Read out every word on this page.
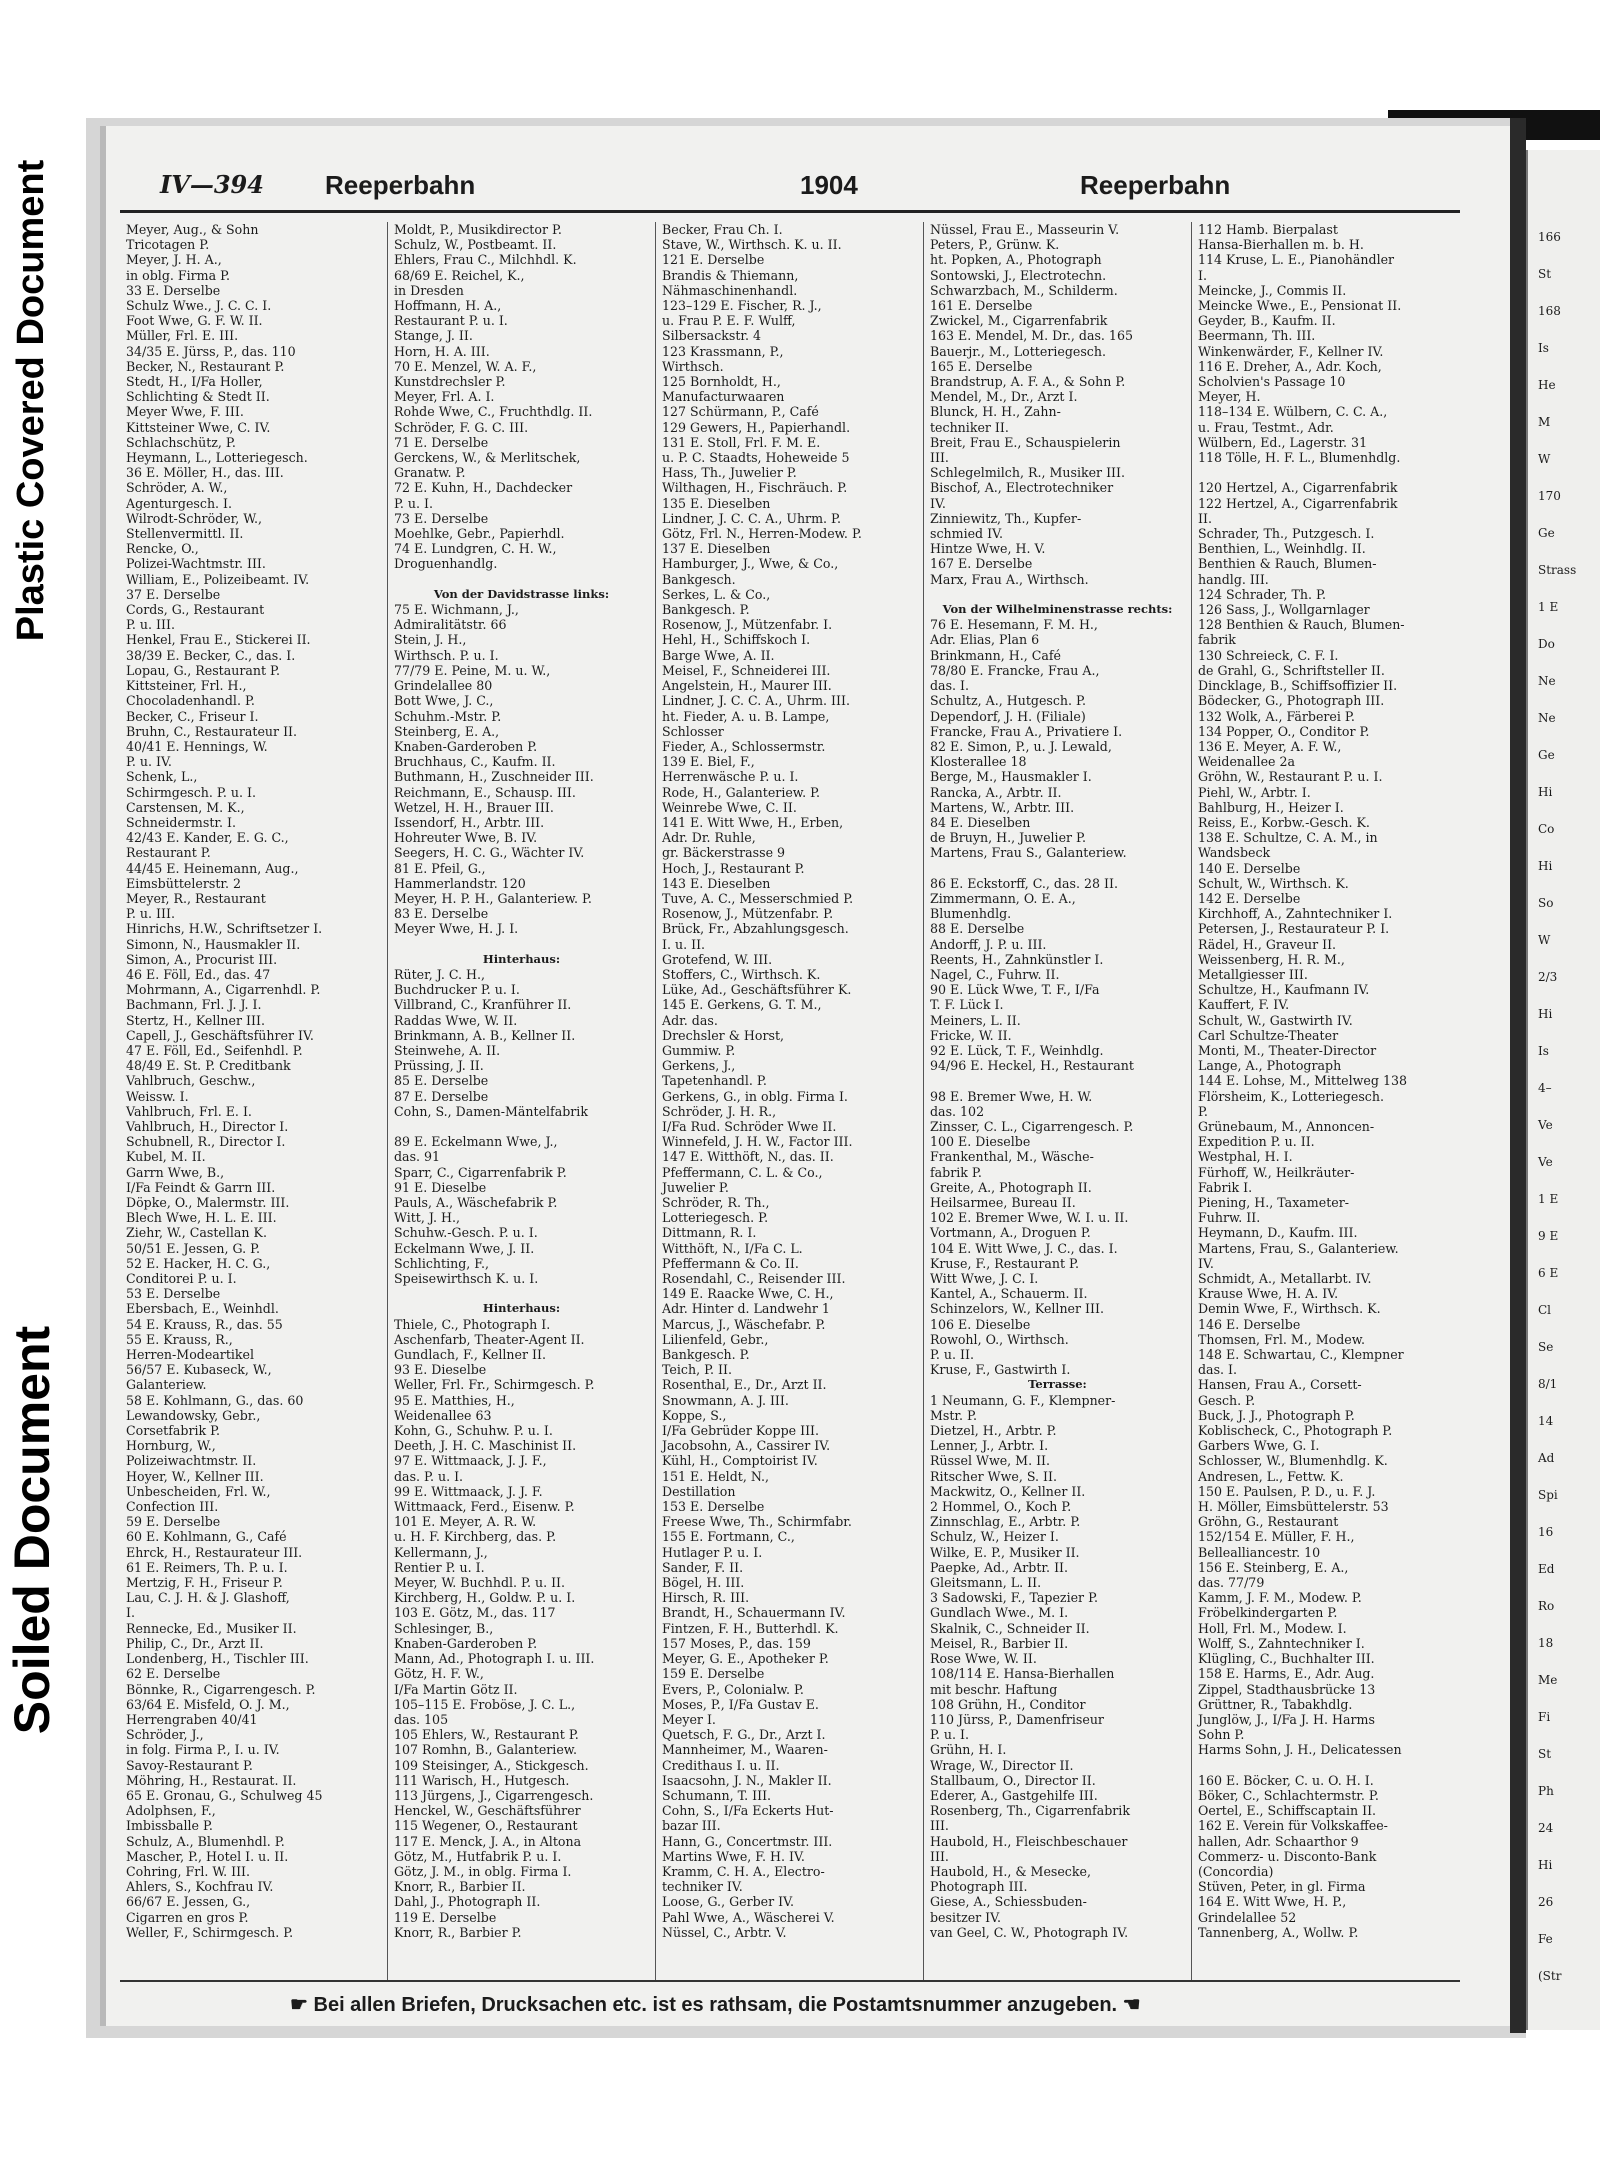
Plastic Covered Document
Soiled Document
166
St
168
Is
He
M
W
170
Ge
Strass
1 E
Do
Ne
Ne
Ge
Hi
Co
Hi
So
W
2/3
Hi
Is
4–
Ve
Ve
1 E
9 E
6 E
Cl
Se
8/1
14
Ad
Spi
16
Ed
Ro
18
Me
Fi
St
Ph
24
Hi
26
Fe
(Str
IV—394 Reeperbahn	1904	Reeperbahn
Meyer, Aug., & Sohn
Tricotagen P.
Meyer, J. H. A.,
in oblg. Firma P.
33 E. Derselbe
Schulz Wwe., J. C. C. I.
Foot Wwe, G. F. W. II.
Müller, Frl. E. III.
34/35 E. Jürss, P., das. 110
Becker, N., Restaurant P.
Stedt, H., I/Fa Holler,
Schlichting & Stedt II.
Meyer Wwe, F. III.
Kittsteiner Wwe, C. IV.
Schlachschütz, P.
Heymann, L., Lotteriegesch.
36 E. Möller, H., das. III.
Schröder, A. W.,
Agenturgesch. I.
Wilrodt-Schröder, W.,
Stellenvermittl. II.
Rencke, O.,
Polizei-Wachtmstr. III.
William, E., Polizeibeamt. IV.
37 E. Derselbe
Cords, G., Restaurant
P. u. III.
Henkel, Frau E., Stickerei II.
38/39 E. Becker, C., das. I.
Lopau, G., Restaurant P.
Kittsteiner, Frl. H.,
Chocoladenhandl. P.
Becker, C., Friseur I.
Bruhn, C., Restaurateur II.
40/41 E. Hennings, W.
P. u. IV.
Schenk, L.,
Schirmgesch. P. u. I.
Carstensen, M. K.,
Schneidermstr. I.
42/43 E. Kander, E. G. C.,
Restaurant P.
44/45 E. Heinemann, Aug.,
Eimsbüttelerstr. 2
Meyer, R., Restaurant
P. u. III.
Hinrichs, H.W., Schriftsetzer I.
Simonn, N., Hausmakler II.
Simon, A., Procurist III.
46 E. Föll, Ed., das. 47
Mohrmann, A., Cigarrenhdl. P.
Bachmann, Frl. J. J. I.
Stertz, H., Kellner III.
Capell, J., Geschäftsführer IV.
47 E. Föll, Ed., Seifenhdl. P.
48/49 E. St. P. Creditbank
Vahlbruch, Geschw.,
Weissw. I.
Vahlbruch, Frl. E. I.
Vahlbruch, H., Director I.
Schubnell, R., Director I.
Kubel, M. II.
Garrn Wwe, B.,
I/Fa Feindt & Garrn III.
Döpke, O., Malermstr. III.
Blech Wwe, H. L. E. III.
Ziehr, W., Castellan K.
50/51 E. Jessen, G. P.
52 E. Hacker, H. C. G.,
Conditorei P. u. I.
53 E. Derselbe
Ebersbach, E., Weinhdl.
54 E. Krauss, R., das. 55
55 E. Krauss, R.,
Herren-Modeartikel
56/57 E. Kubaseck, W.,
Galanteriew.
58 E. Kohlmann, G., das. 60
Lewandowsky, Gebr.,
Corsetfabrik P.
Hornburg, W.,
Polizeiwachtmstr. II.
Hoyer, W., Kellner III.
Unbescheiden, Frl. W.,
Confection III.
59 E. Derselbe
60 E. Kohlmann, G., Café
Ehrck, H., Restaurateur III.
61 E. Reimers, Th. P. u. I.
Mertzig, F. H., Friseur P.
Lau, C. J. H. & J. Glashoff,
I.
Rennecke, Ed., Musiker II.
Philip, C., Dr., Arzt II.
Londenberg, H., Tischler III.
62 E. Derselbe
Bönnke, R., Cigarrengesch. P.
63/64 E. Misfeld, O. J. M.,
Herrengraben 40/41
Schröder, J.,
in folg. Firma P., I. u. IV.
Savoy-Restaurant P.
Möhring, H., Restaurat. II.
65 E. Gronau, G., Schulweg 45
Adolphsen, F.,
Imbissballe P.
Schulz, A., Blumenhdl. P.
Mascher, P., Hotel I. u. II.
Cohring, Frl. W. III.
Ahlers, S., Kochfrau IV.
66/67 E. Jessen, G.,
Cigarren en gros P.
Weller, F., Schirmgesch. P.
Moldt, P., Musikdirector P.
Schulz, W., Postbeamt. II.
Ehlers, Frau C., Milchhdl. K.
68/69 E. Reichel, K.,
in Dresden
Hoffmann, H. A.,
Restaurant P. u. I.
Stange, J. II.
Horn, H. A. III.
70 E. Menzel, W. A. F.,
Kunstdrechsler P.
Meyer, Frl. A. I.
Rohde Wwe, C., Fruchthdlg. II.
Schröder, F. G. C. III.
71 E. Derselbe
Gerckens, W., & Merlitschek,
Granatw. P.
72 E. Kuhn, H., Dachdecker
P. u. I.
73 E. Derselbe
Moehlke, Gebr., Papierhdl.
74 E. Lundgren, C. H. W.,
Droguenhandlg.

Von der Davidstrasse links:
75 E. Wichmann, J.,
Admiralitätstr. 66
Stein, J. H.,
Wirthsch. P. u. I.
77/79 E. Peine, M. u. W.,
Grindelallee 80
Bott Wwe, J. C.,
Schuhm.-Mstr. P.
Steinberg, E. A.,
Knaben-Garderoben P.
Bruchhaus, C., Kaufm. II.
Buthmann, H., Zuschneider III.
Reichmann, E., Schausp. III.
Wetzel, H. H., Brauer III.
Issendorf, H., Arbtr. III.
Hohreuter Wwe, B. IV.
Seegers, H. C. G., Wächter IV.
81 E. Pfeil, G.,
Hammerlandstr. 120
Meyer, H. P. H., Galanteriew. P.
83 E. Derselbe
Meyer Wwe, H. J. I.

Hinterhaus:
Rüter, J. C. H.,
Buchdrucker P. u. I.
Villbrand, C., Kranführer II.
Raddas Wwe, W. II.
Brinkmann, A. B., Kellner II.
Steinwehe, A. II.
Prüssing, J. II.
85 E. Derselbe
87 E. Derselbe
Cohn, S., Damen-Mäntelfabrik

89 E. Eckelmann Wwe, J.,
das. 91
Sparr, C., Cigarrenfabrik P.
91 E. Dieselbe
Pauls, A., Wäschefabrik P.
Witt, J. H.,
Schuhw.-Gesch. P. u. I.
Eckelmann Wwe, J. II.
Schlichting, F.,
Speisewirthsch K. u. I.

Hinterhaus:
Thiele, C., Photograph I.
Aschenfarb, Theater-Agent II.
Gundlach, F., Kellner II.
93 E. Dieselbe
Weller, Frl. Fr., Schirmgesch. P.
95 E. Matthies, H.,
Weidenallee 63
Kohn, G., Schuhw. P. u. I.
Deeth, J. H. C. Maschinist II.
97 E. Wittmaack, J. J. F.,
das. P. u. I.
99 E. Wittmaack, J. J. F.
Wittmaack, Ferd., Eisenw. P.
101 E. Meyer, A. R. W.
u. H. F. Kirchberg, das. P.
Kellermann, J.,
Rentier P. u. I.
Meyer, W. Buchhdl. P. u. II.
Kirchberg, H., Goldw. P. u. I.
103 E. Götz, M., das. 117
Schlesinger, B.,
Knaben-Garderoben P.
Mann, Ad., Photograph I. u. III.
Götz, H. F. W.,
I/Fa Martin Götz II.
105–115 E. Froböse, J. C. L.,
das. 105
105 Ehlers, W., Restaurant P.
107 Romhn, B., Galanteriew.
109 Steisinger, A., Stickgesch.
111 Warisch, H., Hutgesch.
113 Jürgens, J., Cigarrengesch.
Henckel, W., Geschäftsführer
115 Wegener, O., Restaurant
117 E. Menck, J. A., in Altona
Götz, M., Hutfabrik P. u. I.
Götz, J. M., in oblg. Firma I.
Knorr, R., Barbier II.
Dahl, J., Photograph II.
119 E. Derselbe
Knorr, R., Barbier P.
Becker, Frau Ch. I.
Stave, W., Wirthsch. K. u. II.
121 E. Derselbe
Brandis & Thiemann,
Nähmaschinenhandl.
123–129 E. Fischer, R. J.,
u. Frau P. E. F. Wulff,
Silbersackstr. 4
123 Krassmann, P.,
Wirthsch.
125 Bornholdt, H.,
Manufacturwaaren
127 Schürmann, P., Café
129 Gewers, H., Papierhandl.
131 E. Stoll, Frl. F. M. E.
u. P. C. Staadts, Hoheweide 5
Hass, Th., Juwelier P.
Wilthagen, H., Fischräuch. P.
135 E. Dieselben
Lindner, J. C. C. A., Uhrm. P.
Götz, Frl. N., Herren-Modew. P.
137 E. Dieselben
Hamburger, J., Wwe, & Co.,
Bankgesch.
Serkes, L. & Co.,
Bankgesch. P.
Rosenow, J., Mützenfabr. I.
Hehl, H., Schiffskoch I.
Barge Wwe, A. II.
Meisel, F., Schneiderei III.
Angelstein, H., Maurer III.
Lindner, J. C. C. A., Uhrm. III.
ht. Fieder, A. u. B. Lampe,
Schlosser
Fieder, A., Schlossermstr.
139 E. Biel, F.,
Herrenwäsche P. u. I.
Rode, H., Galanteriew. P.
Weinrebe Wwe, C. II.
141 E. Witt Wwe, H., Erben,
Adr. Dr. Ruhle,
gr. Bäckerstrasse 9
Hoch, J., Restaurant P.
143 E. Dieselben
Tuve, A. C., Messerschmied P.
Rosenow, J., Mützenfabr. P.
Brück, Fr., Abzahlungsgesch.
I. u. II.
Grotefend, W. III.
Stoffers, C., Wirthsch. K.
Lüke, Ad., Geschäftsführer K.
145 E. Gerkens, G. T. M.,
Adr. das.
Drechsler & Horst,
Gummiw. P.
Gerkens, J.,
Tapetenhandl. P.
Gerkens, G., in oblg. Firma I.
Schröder, J. H. R.,
I/Fa Rud. Schröder Wwe II.
Winnefeld, J. H. W., Factor III.
147 E. Witthöft, N., das. II.
Pfeffermann, C. L. & Co.,
Juwelier P.
Schröder, R. Th.,
Lotteriegesch. P.
Dittmann, R. I.
Witthöft, N., I/Fa C. L.
Pfeffermann & Co. II.
Rosendahl, C., Reisender III.
149 E. Raacke Wwe, C. H.,
Adr. Hinter d. Landwehr 1
Marcus, J., Wäschefabr. P.
Lilienfeld, Gebr.,
Bankgesch. P.
Teich, P. II.
Rosenthal, E., Dr., Arzt II.
Snowmann, A. J. III.
Koppe, S.,
I/Fa Gebrüder Koppe III.
Jacobsohn, A., Cassirer IV.
Kühl, H., Comptoirist IV.
151 E. Heldt, N.,
Destillation
153 E. Derselbe
Freese Wwe, Th., Schirmfabr.
155 E. Fortmann, C.,
Hutlager P. u. I.
Sander, F. II.
Bögel, H. III.
Hirsch, R. III.
Brandt, H., Schauermann IV.
Fintzen, F. H., Butterhdl. K.
157 Moses, P., das. 159
Meyer, G. E., Apotheker P.
159 E. Derselbe
Evers, P., Colonialw. P.
Moses, P., I/Fa Gustav E.
Meyer I.
Quetsch, F. G., Dr., Arzt I.
Mannheimer, M., Waaren-
Credithaus I. u. II.
Isaacsohn, J. N., Makler II.
Schumann, T. III.
Cohn, S., I/Fa Eckerts Hut-
bazar III.
Hann, G., Concertmstr. III.
Martins Wwe, F. H. IV.
Kramm, C. H. A., Electro-
techniker IV.
Loose, G., Gerber IV.
Pahl Wwe, A., Wäscherei V.
Nüssel, C., Arbtr. V.
Nüssel, Frau E., Masseurin V.
Peters, P., Grünw. K.
ht. Popken, A., Photograph
Sontowski, J., Electrotechn.
Schwarzbach, M., Schilderm.
161 E. Derselbe
Zwickel, M., Cigarrenfabrik
163 E. Mendel, M. Dr., das. 165
Bauerjr., M., Lotteriegesch.
165 E. Derselbe
Brandstrup, A. F. A., & Sohn P.
Mendel, M., Dr., Arzt I.
Blunck, H. H., Zahn-
techniker II.
Breit, Frau E., Schauspielerin
III.
Schlegelmilch, R., Musiker III.
Bischof, A., Electrotechniker
IV.
Zinniewitz, Th., Kupfer-
schmied IV.
Hintze Wwe, H. V.
167 E. Derselbe
Marx, Frau A., Wirthsch.

Von der Wilhelminenstrasse rechts:
76 E. Hesemann, F. M. H.,
Adr. Elias, Plan 6
Brinkmann, H., Café
78/80 E. Francke, Frau A.,
das. I.
Schultz, A., Hutgesch. P.
Dependorf, J. H. (Filiale)
Francke, Frau A., Privatiere I.
82 E. Simon, P., u. J. Lewald,
Klosterallee 18
Berge, M., Hausmakler I.
Rancka, A., Arbtr. II.
Martens, W., Arbtr. III.
84 E. Dieselben
de Bruyn, H., Juwelier P.
Martens, Frau S., Galanteriew.

86 E. Eckstorff, C., das. 28 II.
Zimmermann, O. E. A.,
Blumenhdlg.
88 E. Derselbe
Andorff, J. P. u. III.
Reents, H., Zahnkünstler I.
Nagel, C., Fuhrw. II.
90 E. Lück Wwe, T. F., I/Fa
T. F. Lück I.
Meiners, L. II.
Fricke, W. II.
92 E. Lück, T. F., Weinhdlg.
94/96 E. Heckel, H., Restaurant

98 E. Bremer Wwe, H. W.
das. 102
Zinsser, C. L., Cigarrengesch. P.
100 E. Dieselbe
Frankenthal, M., Wäsche-
fabrik P.
Greite, A., Photograph II.
Heilsarmee, Bureau II.
102 E. Bremer Wwe, W. I. u. II.
Vortmann, A., Droguen P.
104 E. Witt Wwe, J. C., das. I.
Kruse, F., Restaurant P.
Witt Wwe, J. C. I.
Kantel, A., Schauerm. II.
Schinzelors, W., Kellner III.
106 E. Dieselbe
Rowohl, O., Wirthsch.
P. u. II.
Kruse, F., Gastwirth I.
Terrasse:
1 Neumann, G. F., Klempner-
Mstr. P.
Dietzel, H., Arbtr. P.
Lenner, J., Arbtr. I.
Rüssel Wwe, M. II.
Ritscher Wwe, S. II.
Mackwitz, O., Kellner II.
2 Hommel, O., Koch P.
Zinnschlag, E., Arbtr. P.
Schulz, W., Heizer I.
Wilke, E. P., Musiker II.
Paepke, Ad., Arbtr. II.
Gleitsmann, L. II.
3 Sadowski, F., Tapezier P.
Gundlach Wwe., M. I.
Skalnik, C., Schneider II.
Meisel, R., Barbier II.
Rose Wwe, W. II.
108/114 E. Hansa-Bierhallen
mit beschr. Haftung
108 Grühn, H., Conditor
110 Jürss, P., Damenfriseur
P. u. I.
Grühn, H. I.
Wrage, W., Director II.
Stallbaum, O., Director II.
Ederer, A., Gastgehilfe III.
Rosenberg, Th., Cigarrenfabrik
III.
Haubold, H., Fleischbeschauer
III.
Haubold, H., & Mesecke,
Photograph III.
Giese, A., Schiessbuden-
besitzer IV.
van Geel, C. W., Photograph IV.
112 Hamb. Bierpalast
Hansa-Bierhallen m. b. H.
114 Kruse, L. E., Pianohändler
I.
Meincke, J., Commis II.
Meincke Wwe., E., Pensionat II.
Geyder, B., Kaufm. II.
Beermann, Th. III.
Winkenwärder, F., Kellner IV.
116 E. Dreher, A., Adr. Koch,
Scholvien's Passage 10
Meyer, H.
118–134 E. Wülbern, C. C. A.,
u. Frau, Testmt., Adr.
Wülbern, Ed., Lagerstr. 31
118 Tölle, H. F. L., Blumenhdlg.

120 Hertzel, A., Cigarrenfabrik
122 Hertzel, A., Cigarrenfabrik
II.
Schrader, Th., Putzgesch. I.
Benthien, L., Weinhdlg. II.
Benthien & Rauch, Blumen-
handlg. III.
124 Schrader, Th. P.
126 Sass, J., Wollgarnlager
128 Benthien & Rauch, Blumen-
fabrik
130 Schreieck, C. F. I.
de Grahl, G., Schriftsteller II.
Dincklage, B., Schiffsoffizier II.
Bödecker, G., Photograph III.
132 Wolk, A., Färberei P.
134 Popper, O., Conditor P.
136 E. Meyer, A. F. W.,
Weidenallee 2a
Gröhn, W., Restaurant P. u. I.
Piehl, W., Arbtr. I.
Bahlburg, H., Heizer I.
Reiss, E., Korbw.-Gesch. K.
138 E. Schultze, C. A. M., in
Wandsbeck
140 E. Derselbe
Schult, W., Wirthsch. K.
142 E. Derselbe
Kirchhoff, A., Zahntechniker I.
Petersen, J., Restaurateur P. I.
Rädel, H., Graveur II.
Weissenberg, H. R. M.,
Metallgiesser III.
Schultze, H., Kaufmann IV.
Kauffert, F. IV.
Schult, W., Gastwirth IV.
Carl Schultze-Theater
Monti, M., Theater-Director
Lange, A., Photograph
144 E. Lohse, M., Mittelweg 138
Flörsheim, K., Lotteriegesch.
P.
Grünebaum, M., Annoncen-
Expedition P. u. II.
Westphal, H. I.
Fürhoff, W., Heilkräuter-
Fabrik I.
Piening, H., Taxameter-
Fuhrw. II.
Heymann, D., Kaufm. III.
Martens, Frau, S., Galanteriew.
IV.
Schmidt, A., Metallarbt. IV.
Krause Wwe, H. A. IV.
Demin Wwe, F., Wirthsch. K.
146 E. Derselbe
Thomsen, Frl. M., Modew.
148 E. Schwartau, C., Klempner
das. I.
Hansen, Frau A., Corsett-
Gesch. P.
Buck, J. J., Photograph P.
Koblischeck, C., Photograph P.
Garbers Wwe, G. I.
Schlosser, W., Blumenhdlg. K.
Andresen, L., Fettw. K.
150 E. Paulsen, P. D., u. F. J.
H. Möller, Eimsbüttelerstr. 53
Gröhn, G., Restaurant
152/154 E. Müller, F. H.,
Bellealliancestr. 10
156 E. Steinberg, E. A.,
das. 77/79
Kamm, J. F. M., Modew. P.
Fröbelkindergarten P.
Holl, Frl. M., Modew. I.
Wolff, S., Zahntechniker I.
Klügling, C., Buchhalter III.
158 E. Harms, E., Adr. Aug.
Zippel, Stadthausbrücke 13
Grüttner, R., Tabakhdlg.
Junglöw, J., I/Fa J. H. Harms
Sohn P.
Harms Sohn, J. H., Delicatessen

160 E. Böcker, C. u. O. H. I.
Böker, C., Schlachtermstr. P.
Oertel, E., Schiffscaptain II.
162 E. Verein für Volkskaffee-
hallen, Adr. Schaarthor 9
Commerz- u. Disconto-Bank
(Concordia)
Stüven, Peter, in gl. Firma
164 E. Witt Wwe, H. P.,
Grindelallee 52
Tannenberg, A., Wollw. P.
☛ Bei allen Briefen, Drucksachen etc. ist es rathsam, die Postamtsnummer anzugeben. ☚
